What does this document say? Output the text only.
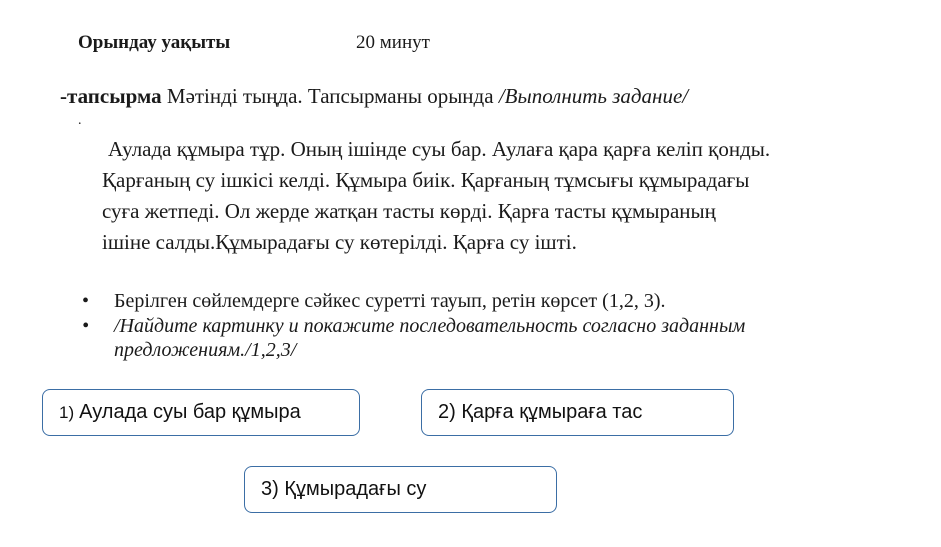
Орындау уақыты	20 минут
-тапсырма Мәтінді тыңда. Тапсырманы орында /Выполнить задание/
.
Аулада құмыра тұр. Оның ішінде суы бар. Аулаға қара қарға келіп қонды.
Қарғаның су ішкісі келді. Құмыра биік. Қарғаның тұмсығы құмырадағы
суға жетпеді. Ол жерде жатқан тасты көрді. Қарға тасты құмыраның
ішіне салды.Құмырадағы су көтерілді. Қарға су ішті.
• Берілген сөйлемдерге сәйкес суретті тауып, ретін көрсет (1,2, 3).
• /Найдите картинку и покажите последовательность согласно заданным
предложениям./1,2,3/
1) Аулада суы бар құмыра	2) Қарға құмыраға тас
3) Құмырадағы су
